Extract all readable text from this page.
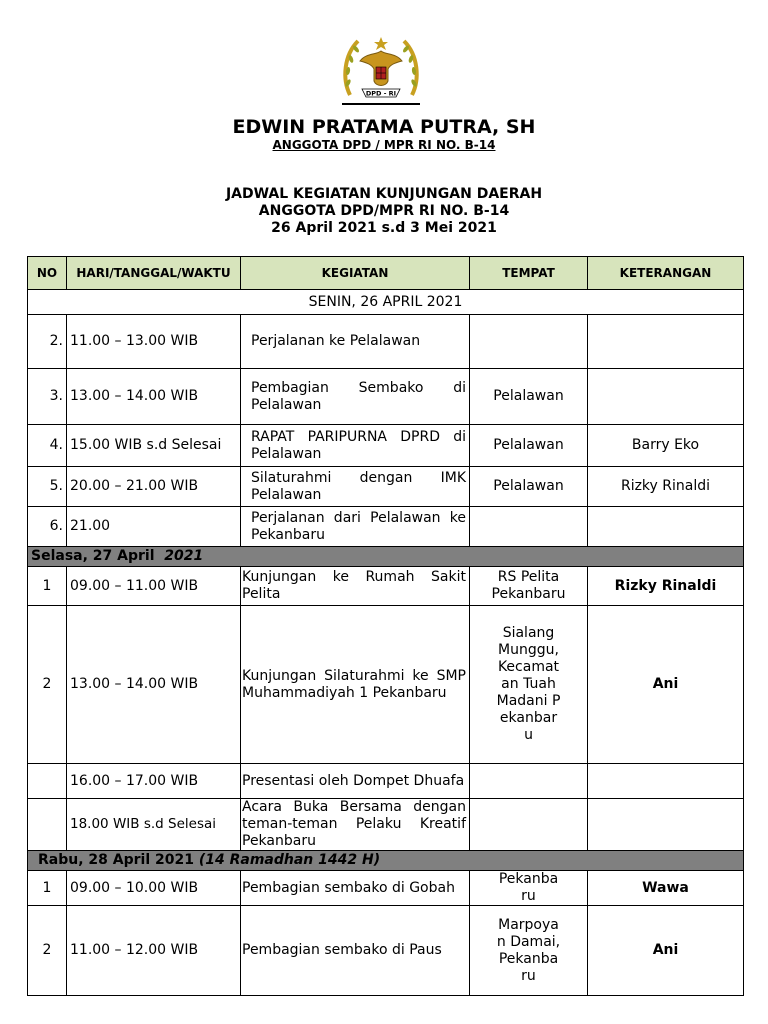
DPD - RI
EDWIN PRATAMA PUTRA, SH
ANGGOTA DPD / MPR RI NO. B-14
JADWAL KEGIATAN KUNJUNGAN DAERAH
ANGGOTA DPD/MPR RI NO. B-14
26 April 2021 s.d 3 Mei 2021
NO	HARI/TANGGAL/WAKTU	KEGIATAN	TEMPAT	KETERANGAN
SENIN, 26 APRIL 2021				
2.	11.00 – 13.00 WIB	Perjalanan ke Pelalawan		
3.	13.00 – 14.00 WIB	Pembagian Sembako di Pelalawan	Pelalawan	
4.	15.00 WIB s.d Selesai	RAPAT PARIPURNA DPRD di Pelalawan	Pelalawan	Barry Eko
5.	20.00 – 21.00 WIB	Silaturahmi dengan IMK Pelalawan	Pelalawan	Rizky Rinaldi
6.	21.00	Perjalanan dari Pelalawan ke Pekanbaru		
Selasa, 27 April 2021				
1	09.00 – 11.00 WIB	Kunjungan ke Rumah Sakit Pelita	RS Pelita Pekanbaru	Rizky Rinaldi
2	13.00 – 14.00 WIB	Kunjungan Silaturahmi ke SMP Muhammadiyah 1 Pekanbaru	Sialang Munggu, Kecamatan Tuah Madani Pekanbaru	Ani
	16.00 – 17.00 WIB	Presentasi oleh Dompet Dhuafa		
	18.00 WIB s.d Selesai	Acara Buka Bersama dengan teman-teman Pelaku Kreatif Pekanbaru		
Rabu, 28 April 2021 (14 Ramadhan 1442 H)				
1	09.00 – 10.00 WIB	Pembagian sembako di Gobah	Pekanbaru	Wawa
2	11.00 – 12.00 WIB	Pembagian sembako di Paus	Marpoyan Damai, Pekanbaru	Ani
